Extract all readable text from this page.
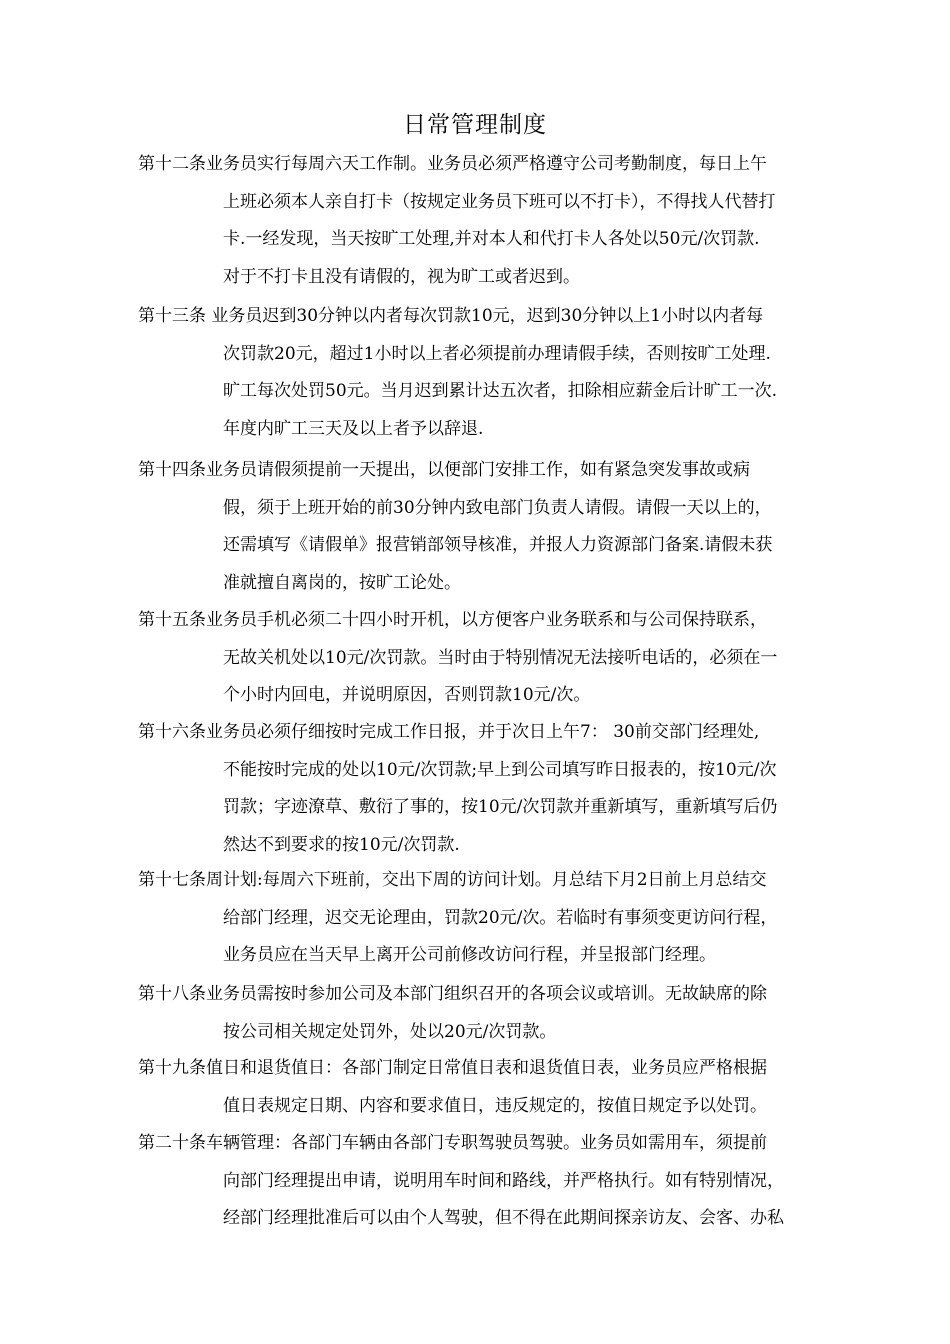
日常管理制度
第十二条业务员实行每周六天工作制。业务员必须严格遵守公司考勤制度，每日上午
上班必须本人亲自打卡（按规定业务员下班可以不打卡），不得找人代替打
卡.一经发现，当天按旷工处理,并对本人和代打卡人各处以50元/次罚款.
对于不打卡且没有请假的，视为旷工或者迟到。
第十三条 业务员迟到30分钟以内者每次罚款10元，迟到30分钟以上1小时以内者每
次罚款20元，超过1小时以上者必须提前办理请假手续，否则按旷工处理.
旷工每次处罚50元。当月迟到累计达五次者，扣除相应薪金后计旷工一次.
年度内旷工三天及以上者予以辞退.
第十四条业务员请假须提前一天提出，以便部门安排工作，如有紧急突发事故或病
假，须于上班开始的前30分钟内致电部门负责人请假。请假一天以上的，
还需填写《请假单》报营销部领导核准，并报人力资源部门备案.请假未获
准就擅自离岗的，按旷工论处。
第十五条业务员手机必须二十四小时开机，以方便客户业务联系和与公司保持联系，
无故关机处以10元/次罚款。当时由于特别情况无法接听电话的，必须在一
个小时内回电，并说明原因，否则罚款10元/次。
第十六条业务员必须仔细按时完成工作日报，并于次日上午7： 30前交部门经理处,
不能按时完成的处以10元/次罚款;早上到公司填写昨日报表的，按10元/次
罚款；字迹潦草、敷衍了事的，按10元/次罚款并重新填写，重新填写后仍
然达不到要求的按10元/次罚款.
第十七条周计划:每周六下班前，交出下周的访问计划。月总结下月2日前上月总结交
给部门经理，迟交无论理由，罚款20元/次。若临时有事须变更访问行程，
业务员应在当天早上离开公司前修改访问行程，并呈报部门经理。
第十八条业务员需按时参加公司及本部门组织召开的各项会议或培训。无故缺席的除
按公司相关规定处罚外，处以20元/次罚款。
第十九条值日和退货值日：各部门制定日常值日表和退货值日表，业务员应严格根据
值日表规定日期、内容和要求值日，违反规定的，按值日规定予以处罚。
第二十条车辆管理：各部门车辆由各部门专职驾驶员驾驶。业务员如需用车，须提前
向部门经理提出申请，说明用车时间和路线，并严格执行。如有特别情况，
经部门经理批准后可以由个人驾驶，但不得在此期间探亲访友、会客、办私
